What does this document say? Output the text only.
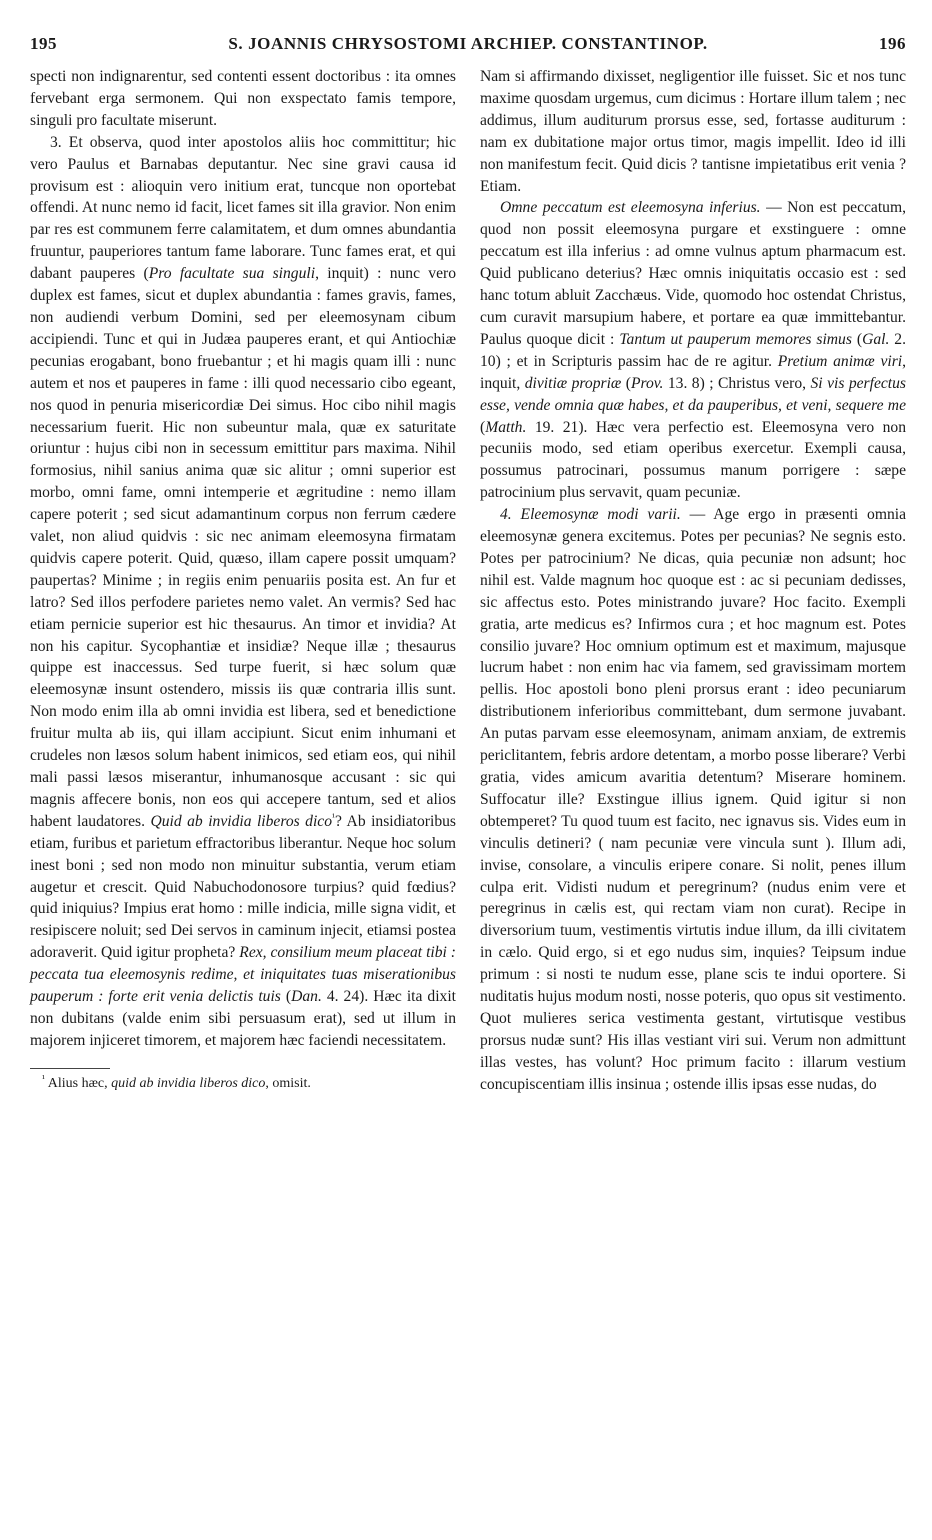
195	S. JOANNIS CHRYSOSTOMI ARCHIEP. CONSTANTINOP.	196

specti non indignarentur, sed contenti essent doctoribus : ita omnes fervebant erga sermonem. Qui non exspectato famis tempore, singuli pro facultate miserunt.

3. Et observa, quod inter apostolos aliis hoc committitur; hic vero Paulus et Barnabas deputantur. Nec sine gravi causa id provisum est : alioquin vero initium erat, tuncque non oportebat offendi. At nunc nemo id facit, licet fames sit illa gravior. Non enim par res est communem ferre calamitatem, et dum omnes abundantia fruuntur, pauperiores tantum fame laborare. Tunc fames erat, et qui dabant pauperes (Pro facultate sua singuli, inquit) : nunc vero duplex est fames, sicut et duplex abundantia : fames gravis, fames, non audiendi verbum Domini, sed per eleemosynam cibum accipiendi. Tunc et qui in Judæa pauperes erant, et qui Antiochiæ pecunias erogabant, bono fruebantur ; et hi magis quam illi : nunc autem et nos et pauperes in fame : illi quod necessario cibo egeant, nos quod in penuria misericordiæ Dei simus. Hoc cibo nihil magis necessarium fuerit. Hic non subeuntur mala, quæ ex saturitate oriuntur : hujus cibi non in secessum emittitur pars maxima. Nihil formosius, nihil sanius anima quæ sic alitur ; omni superior est morbo, omni fame, omni intemperie et ægritudine : nemo illam capere poterit ; sed sicut adamantinum corpus non ferrum cædere valet, non aliud quidvis : sic nec animam eleemosyna firmatam quidvis capere poterit. Quid, quæso, illam capere possit umquam? paupertas? Minime ; in regiis enim penuariis posita est. An fur et latro? Sed illos perfodere parietes nemo valet. An vermis? Sed hac etiam pernicie superior est hic thesaurus. An timor et invidia? At non his capitur. Sycophantiæ et insidiæ? Neque illæ ; thesaurus quippe est inaccessus. Sed turpe fuerit, si hæc solum quæ eleemosynæ insunt ostendero, missis iis quæ contraria illis sunt. Non modo enim illa ab omni invidia est libera, sed et benedictione fruitur multa ab iis, qui illam accipiunt. Sicut enim inhumani et crudeles non læsos solum habent inimicos, sed etiam eos, qui nihil mali passi læsos miserantur, inhumanosque accusant : sic qui magnis affecere bonis, non eos qui accepere tantum, sed et alios habent laudatores. Quid ab invidia liberos dico$^{^1}$? Ab insidiatoribus etiam, furibus et parietum effractoribus liberantur. Neque hoc solum inest boni ; sed non modo non minuitur substantia, verum etiam augetur et crescit. Quid Nabuchodonosore turpius? quid fœdius? quid iniquius? Impius erat homo : mille indicia, mille signa vidit, et resipiscere noluit; sed Dei servos in caminum injecit, etiamsi postea adoraverit. Quid igitur propheta? Rex, consilium meum placeat tibi : peccata tua eleemosynis redime, et iniquitates tuas miserationibus pauperum : forte erit venia delictis tuis (Dan. 4. 24). Hæc ita dixit non dubitans (valde enim sibi persuasum erat), sed ut illum in majorem injiceret timorem, et majorem hæc faciendi necessitatem.

$^{^1}$ Alius hæc, quid ab invidia liberos dico, omisit.

Nam si affirmando dixisset, negligentior ille fuisset. Sic et nos tunc maxime quosdam urgemus, cum dicimus : Hortare illum talem ; nec addimus, illum auditurum prorsus esse, sed, fortasse auditurum : nam ex dubitatione major ortus timor, magis impellit. Ideo id illi non manifestum fecit. Quid dicis ? tantisne impietatibus erit venia ? Etiam.

Omne peccatum est eleemosyna inferius. — Non est peccatum, quod non possit eleemosyna purgare et exstinguere : omne peccatum est illa inferius : ad omne vulnus aptum pharmacum est. Quid publicano deterius? Hæc omnis iniquitatis occasio est : sed hanc totum abluit Zacchæus. Vide, quomodo hoc ostendat Christus, cum curavit marsupium habere, et portare ea quæ immittebantur. Paulus quoque dicit : Tantum ut pauperum memores simus (Gal. 2. 10) ; et in Scripturis passim hac de re agitur. Pretium animæ viri, inquit, divitiæ propriæ (Prov. 13. 8) ; Christus vero, Si vis perfectus esse, vende omnia quæ habes, et da pauperibus, et veni, sequere me (Matth. 19. 21). Hæc vera perfectio est. Eleemosyna vero non pecuniis modo, sed etiam operibus exercetur. Exempli causa, possumus patrocinari, possumus manum porrigere : sæpe patrocinium plus servavit, quam pecuniæ.

4. Eleemosynæ modi varii. — Age ergo in præsenti omnia eleemosynæ genera excitemus. Potes per pecunias? Ne segnis esto. Potes per patrocinium? Ne dicas, quia pecuniæ non adsunt; hoc nihil est. Valde magnum hoc quoque est : ac si pecuniam dedisses, sic affectus esto. Potes ministrando juvare? Hoc facito. Exempli gratia, arte medicus es? Infirmos cura ; et hoc magnum est. Potes consilio juvare? Hoc omnium optimum est et maximum, majusque lucrum habet : non enim hac via famem, sed gravissimam mortem pellis. Hoc apostoli bono pleni prorsus erant : ideo pecuniarum distributionem inferioribus committebant, dum sermone juvabant. An putas parvam esse eleemosynam, animam anxiam, de extremis periclitantem, febris ardore detentam, a morbo posse liberare? Verbi gratia, vides amicum avaritia detentum? Miserare hominem. Suffocatur ille? Exstingue illius ignem. Quid igitur si non obtemperet? Tu quod tuum est facito, nec ignavus sis. Vides eum in vinculis detineri? ( nam pecuniæ vere vincula sunt ). Illum adi, invise, consolare, a vinculis eripere conare. Si nolit, penes illum culpa erit. Vidisti nudum et peregrinum? (nudus enim vere et peregrinus in cælis est, qui rectam viam non curat). Recipe in diversorium tuum, vestimentis virtutis indue illum, da illi civitatem in cælo. Quid ergo, si et ego nudus sim, inquies? Teipsum indue primum : si nosti te nudum esse, plane scis te indui oportere. Si nuditatis hujus modum nosti, nosse poteris, quo opus sit vestimento. Quot mulieres serica vestimenta gestant, virtutisque vestibus prorsus nudæ sunt? His illas vestiant viri sui. Verum non admittunt illas vestes, has volunt? Hoc primum facito : illarum vestium concupiscentiam illis insinua ; ostende illis ipsas esse nudas, do
